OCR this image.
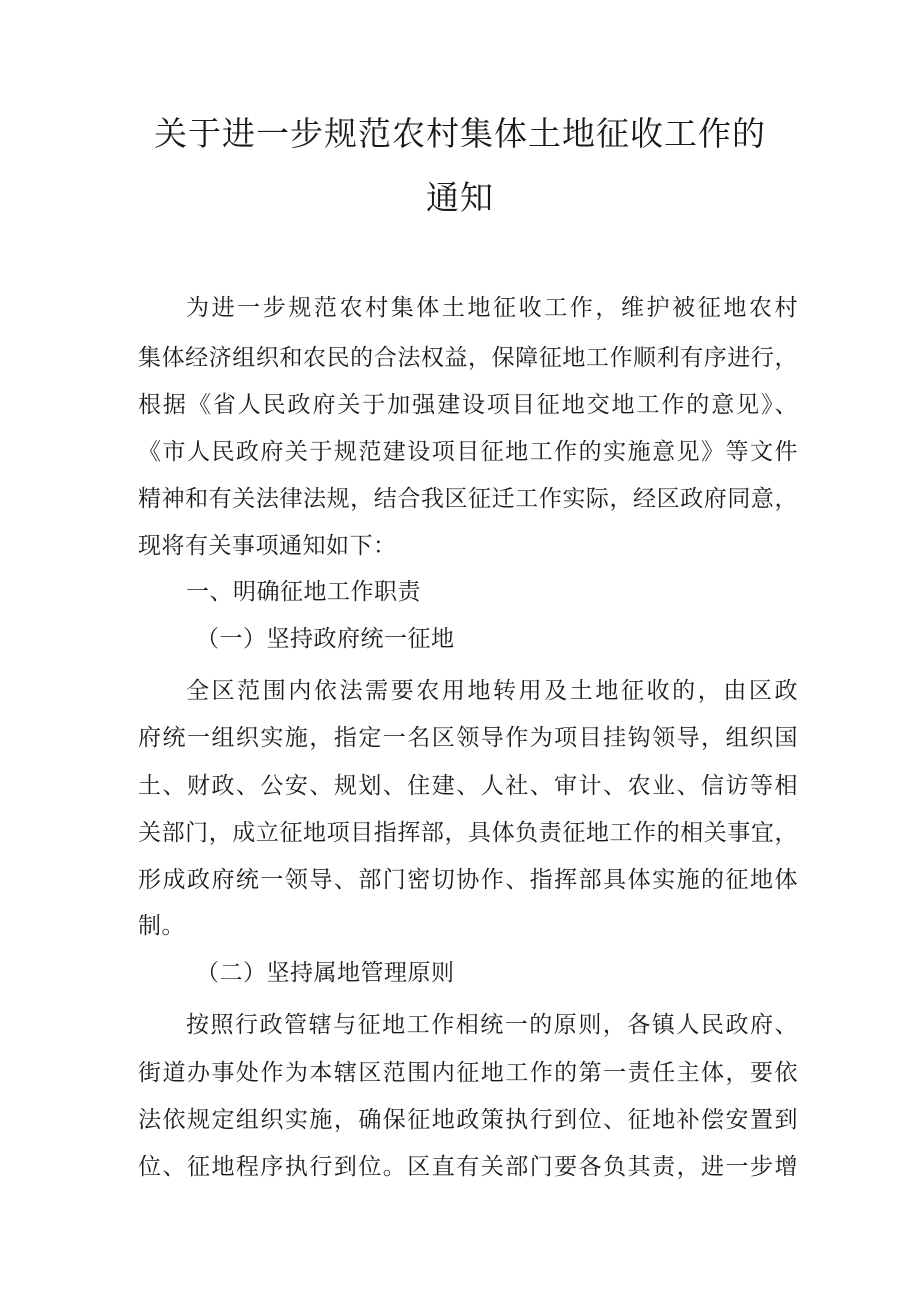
关于进一步规范农村集体土地征收工作的
通知

为进一步规范农村集体土地征收工作，维护被征地农村

集体经济组织和农民的合法权益，保障征地工作顺利有序进行，

根据《省人民政府关于加强建设项目征地交地工作的意见》、

《市人民政府关于规范建设项目征地工作的实施意见》等文件

精神和有关法律法规，结合我区征迁工作实际，经区政府同意，

现将有关事项通知如下：

一、明确征地工作职责

（一）坚持政府统一征地

全区范围内依法需要农用地转用及土地征收的，由区政

府统一组织实施，指定一名区领导作为项目挂钩领导，组织国

土、财政、公安、规划、住建、人社、审计、农业、信访等相

关部门，成立征地项目指挥部，具体负责征地工作的相关事宜，

形成政府统一领导、部门密切协作、指挥部具体实施的征地体

制。

（二）坚持属地管理原则

按照行政管辖与征地工作相统一的原则，各镇人民政府、

街道办事处作为本辖区范围内征地工作的第一责任主体，要依

法依规定组织实施，确保征地政策执行到位、征地补偿安置到

位、征地程序执行到位。区直有关部门要各负其责，进一步增
